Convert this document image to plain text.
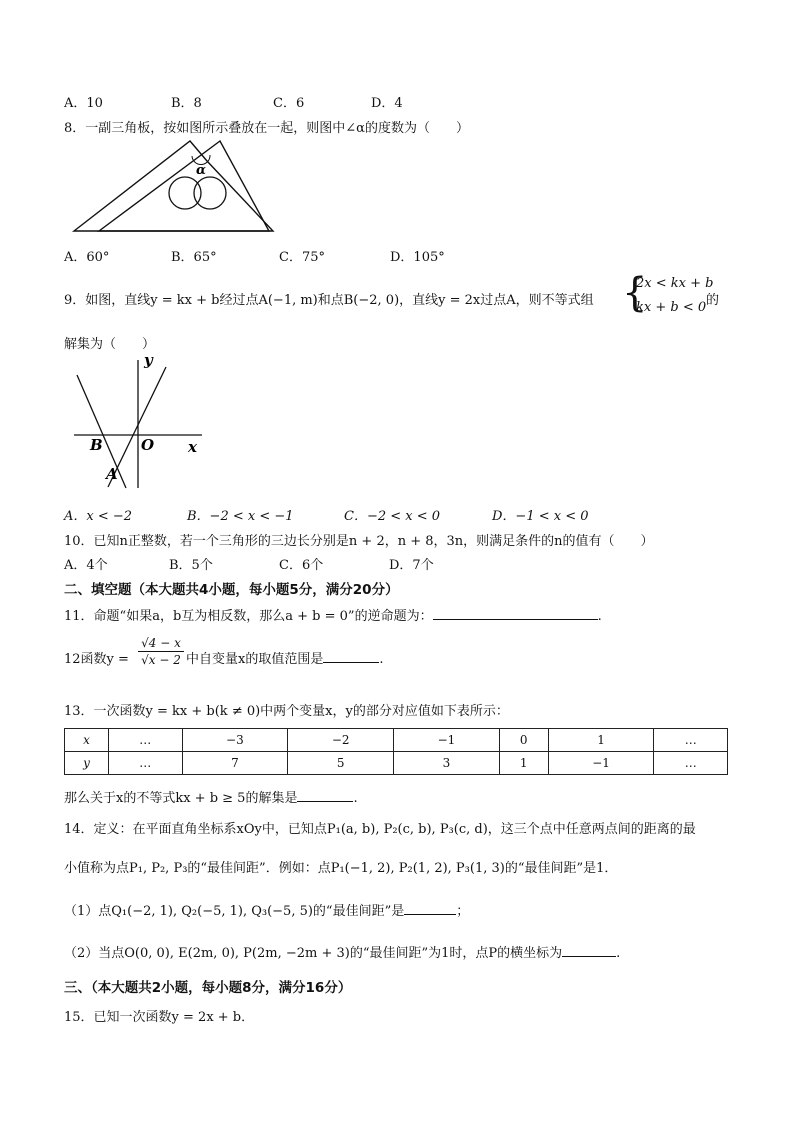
A．10	B．8	C．6	D．4
8．一副三角板，按如图所示叠放在一起，则图中∠α的度数为（　　）
α
A．60°	B．65°	C．75°	D．105°
9．如图，直线y = kx + b经过点A(−1, m)和点B(−2, 0)，直线y = 2x过点A，则不等式组 {
2x < kx + b
kx + b < 0 的
解集为（　　）
y
x
B	O
A
A．x < −2	B．−2 < x < −1	C．−2 < x < 0	D．−1 < x < 0
10．已知n正整数，若一个三角形的三边长分别是n + 2，n + 8，3n，则满足条件的n的值有（　　）
A．4个	B．5个	C．6个	D．7个
二、填空题（本大题共4小题，每小题5分，满分20分）
11．命题“如果a，b互为相反数，那么a + b = 0”的逆命题为：	.
12函数y =
√4 − x
√x − 2 中自变量x的取值范围是	.
13．一次函数y = kx + b(k ≠ 0)中两个变量x，y的部分对应值如下表所示：
x	…	−3	−2	−1	0	1	…
y	…	7	5	3	1	−1	…
那么关于x的不等式kx + b ≥ 5的解集是	.
14．定义：在平面直角坐标系xOy中，已知点P₁(a, b), P₂(c, b), P₃(c, d)，这三个点中任意两点间的距离的最
小值称为点P₁, P₂, P₃的“最佳间距”．例如：点P₁(−1, 2), P₂(1, 2), P₃(1, 3)的“最佳间距”是1．
（1）点Q₁(−2, 1), Q₂(−5, 1), Q₃(−5, 5)的“最佳间距”是	；
（2）当点O(0, 0), E(2m, 0), P(2m, −2m + 3)的“最佳间距”为1时，点P的横坐标为	.
三、（本大题共2小题，每小题8分，满分16分）
15．已知一次函数y = 2x + b．
